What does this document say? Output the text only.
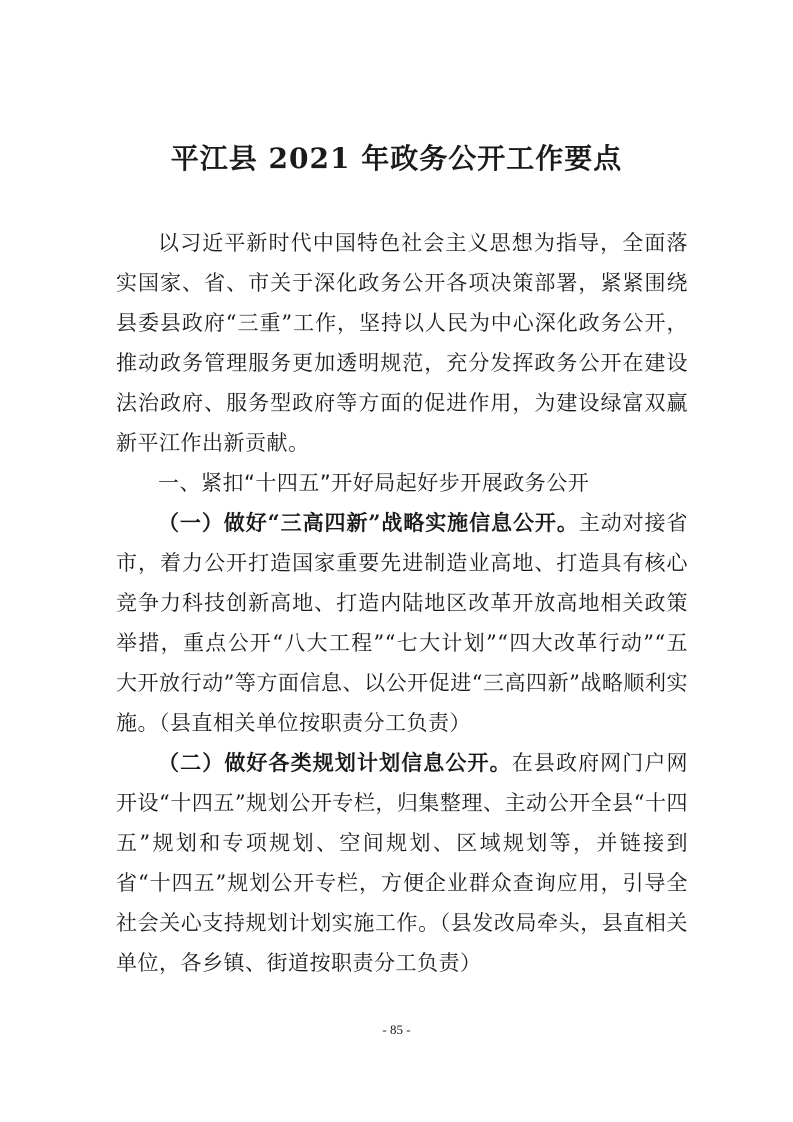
平江县 2021 年政务公开工作要点

以习近平新时代中国特色社会主义思想为指导，全面落实国家、省、市关于深化政务公开各项决策部署，紧紧围绕县委县政府“三重”工作，坚持以人民为中心深化政务公开，推动政务管理服务更加透明规范，充分发挥政务公开在建设法治政府、服务型政府等方面的促进作用，为建设绿富双赢新平江作出新贡献。

一、紧扣“十四五”开好局起好步开展政务公开

（一）做好“三高四新”战略实施信息公开。主动对接省市，着力公开打造国家重要先进制造业高地、打造具有核心竞争力科技创新高地、打造内陆地区改革开放高地相关政策举措，重点公开“八大工程”“七大计划”“四大改革行动”“五大开放行动”等方面信息、以公开促进“三高四新”战略顺利实施。（县直相关单位按职责分工负责）

（二）做好各类规划计划信息公开。在县政府网门户网开设“十四五”规划公开专栏，归集整理、主动公开全县“十四五”规划和专项规划、空间规划、区域规划等，并链接到省“十四五”规划公开专栏，方便企业群众查询应用，引导全社会关心支持规划计划实施工作。（县发改局牵头，县直相关单位，各乡镇、街道按职责分工负责）

- 85 -
